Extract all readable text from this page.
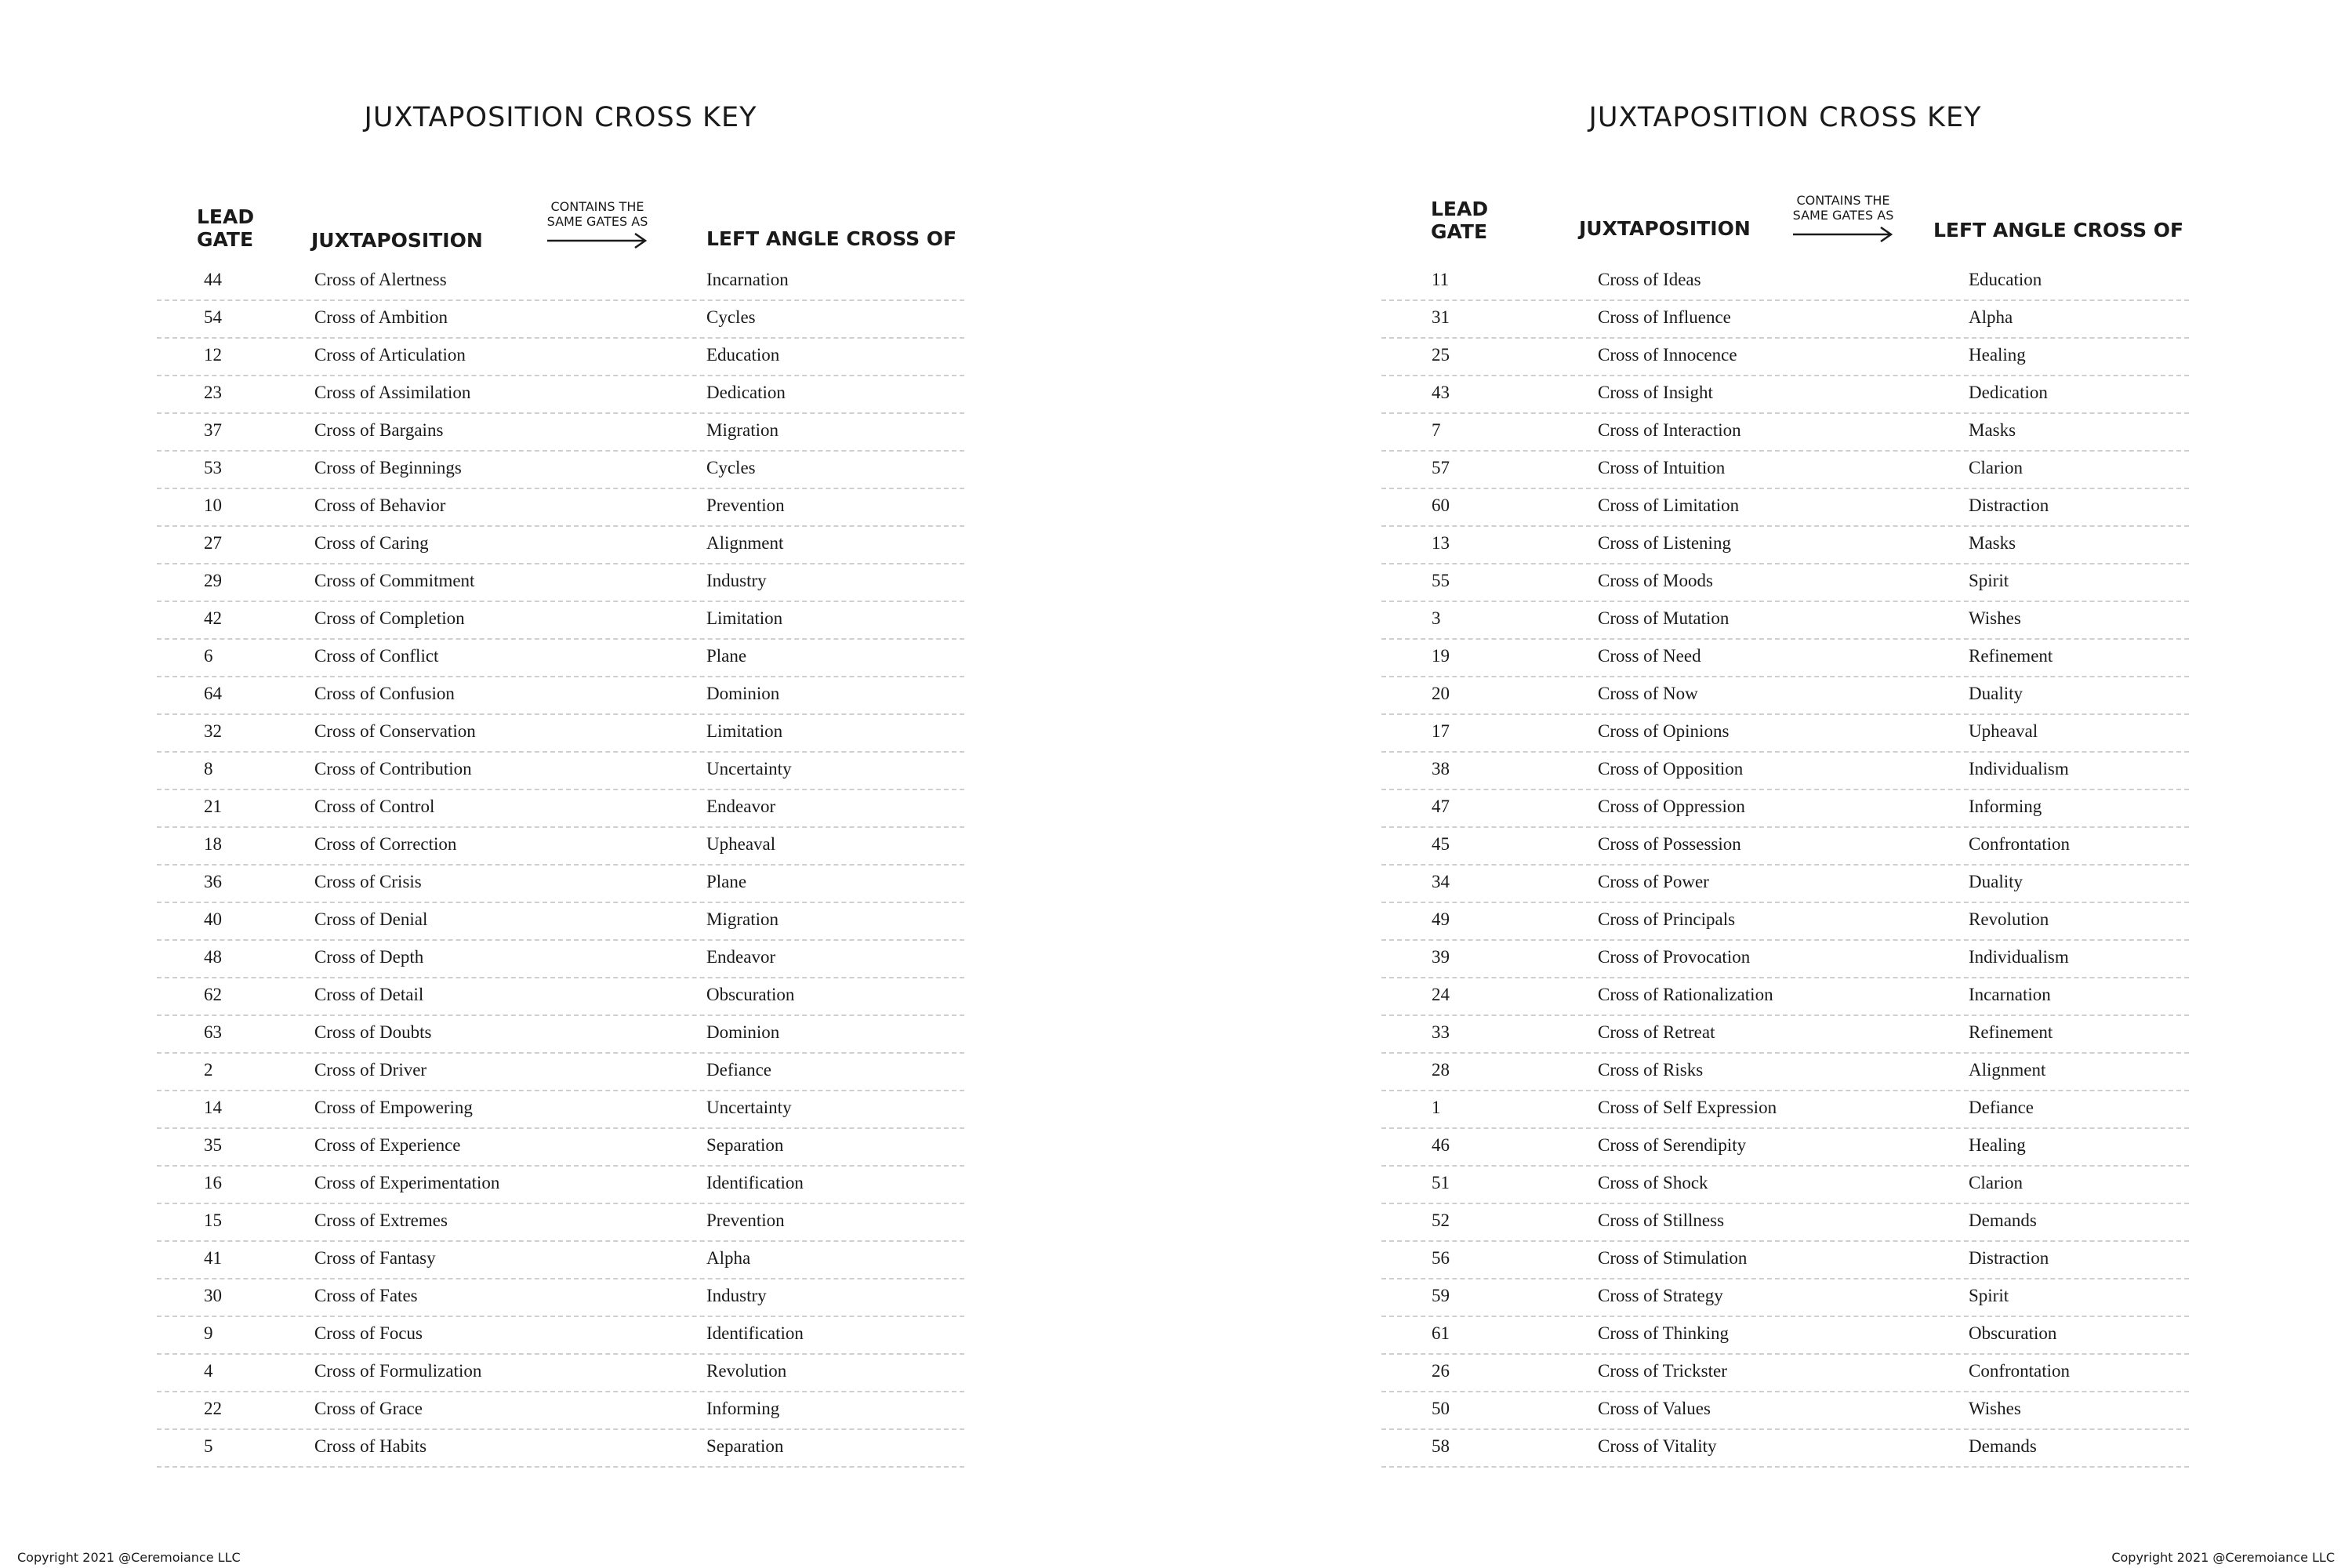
JUXTAPOSITION CROSS KEY
LEAD
GATE	JUXTAPOSITION
CONTAINS THE
SAME GATES AS
LEFT ANGLE CROSS OF
44	Cross of Alertness	Incarnation
54	Cross of Ambition	Cycles
12	Cross of Articulation	Education
23	Cross of Assimilation	Dedication
37	Cross of Bargains	Migration
53	Cross of Beginnings	Cycles
10	Cross of Behavior	Prevention
27	Cross of Caring	Alignment
29	Cross of Commitment	Industry
42	Cross of Completion	Limitation
6	Cross of Conflict	Plane
64	Cross of Confusion	Dominion
32	Cross of Conservation	Limitation
8	Cross of Contribution	Uncertainty
21	Cross of Control	Endeavor
18	Cross of Correction	Upheaval
36	Cross of Crisis	Plane
40	Cross of Denial	Migration
48	Cross of Depth	Endeavor
62	Cross of Detail	Obscuration
63	Cross of Doubts	Dominion
2	Cross of Driver	Defiance
14	Cross of Empowering	Uncertainty
35	Cross of Experience	Separation
16	Cross of Experimentation	Identification
15	Cross of Extremes	Prevention
41	Cross of Fantasy	Alpha
30	Cross of Fates	Industry
9	Cross of Focus	Identification
4	Cross of Formulization	Revolution
22	Cross of Grace	Informing
5	Cross of Habits	Separation
JUXTAPOSITION CROSS KEY
LEAD
GATE	JUXTAPOSITION
CONTAINS THE
SAME GATES AS
LEFT ANGLE CROSS OF
11	Cross of Ideas	Education
31	Cross of Influence	Alpha
25	Cross of Innocence	Healing
43	Cross of Insight	Dedication
7	Cross of Interaction	Masks
57	Cross of Intuition	Clarion
60	Cross of Limitation	Distraction
13	Cross of Listening	Masks
55	Cross of Moods	Spirit
3	Cross of Mutation	Wishes
19	Cross of Need	Refinement
20	Cross of Now	Duality
17	Cross of Opinions	Upheaval
38	Cross of Opposition	Individualism
47	Cross of Oppression	Informing
45	Cross of Possession	Confrontation
34	Cross of Power	Duality
49	Cross of Principals	Revolution
39	Cross of Provocation	Individualism
24	Cross of Rationalization	Incarnation
33	Cross of Retreat	Refinement
28	Cross of Risks	Alignment
1	Cross of Self Expression	Defiance
46	Cross of Serendipity	Healing
51	Cross of Shock	Clarion
52	Cross of Stillness	Demands
56	Cross of Stimulation	Distraction
59	Cross of Strategy	Spirit
61	Cross of Thinking	Obscuration
26	Cross of Trickster	Confrontation
50	Cross of Values	Wishes
58	Cross of Vitality	Demands
Copyright 2021 @Ceremoiance LLC	Copyright 2021 @Ceremoiance LLC
